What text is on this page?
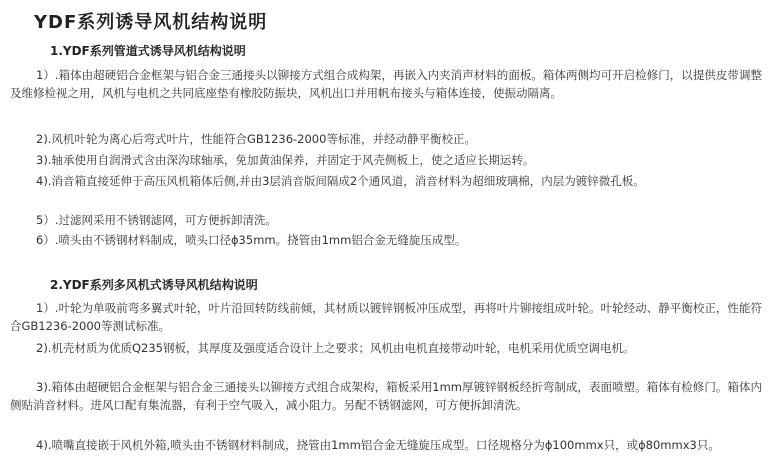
YDF系列诱导风机结构说明
1.YDF系列管道式诱导风机结构说明

1）.箱体由超硬铝合金框架与铝合金三通接头以铆接方式组合成构架，再嵌入内夹消声材料的面板。箱体两侧均可开启检修门，以提供皮带调整及维修检视之用，风机与电机之共同底座垫有橡胶防振块，风机出口并用帆布接头与箱体连接，使振动隔离。

2).风机叶轮为离心后弯式叶片，性能符合GB1236-2000等标准，并经动静平衡校正。

3).轴承使用自润滑式含由深沟球轴承，免加黄油保养，并固定于风壳侧板上，使之适应长期运转。

4).消音箱直接延伸于高压风机箱体后侧,并由3层消音版间隔成2个通风道，消音材料为超细玻璃棉，内层为镀锌微孔板。

5）.过滤网采用不锈钢滤网，可方便拆卸清洗。

6）.喷头由不锈钢材料制成，喷头口径ϕ35mm。挠管由1mm铝合金无缝旋压成型。

2.YDF系列多风机式诱导风机结构说明

1）.叶轮为单吸前弯多翼式叶轮，叶片沿回转防线前倾，其材质以镀锌钢板冲压成型，再将叶片铆接组成叶轮。叶轮经动、静平衡校正，性能符合GB1236-2000等测试标准。

2).机壳材质为优质Q235钢板，其厚度及强度适合设计上之要求；风机由电机直接带动叶轮，电机采用优质空调电机。

3).箱体由超硬铝合金框架与铝合金三通接头以铆接方式组合成架构，箱板采用1mm厚镀锌钢板经折弯制成，表面喷塑。箱体有检修门。箱体内侧贴消音材料。进风口配有集流器，有利于空气吸入，减小阻力。另配不锈钢滤网，可方便拆卸清洗。

4).喷嘴直接嵌于风机外箱,喷头由不锈钢材料制成，挠管由1mm铝合金无缝旋压成型。口径规格分为ϕ100mmx只，或ϕ80mmx3只。
